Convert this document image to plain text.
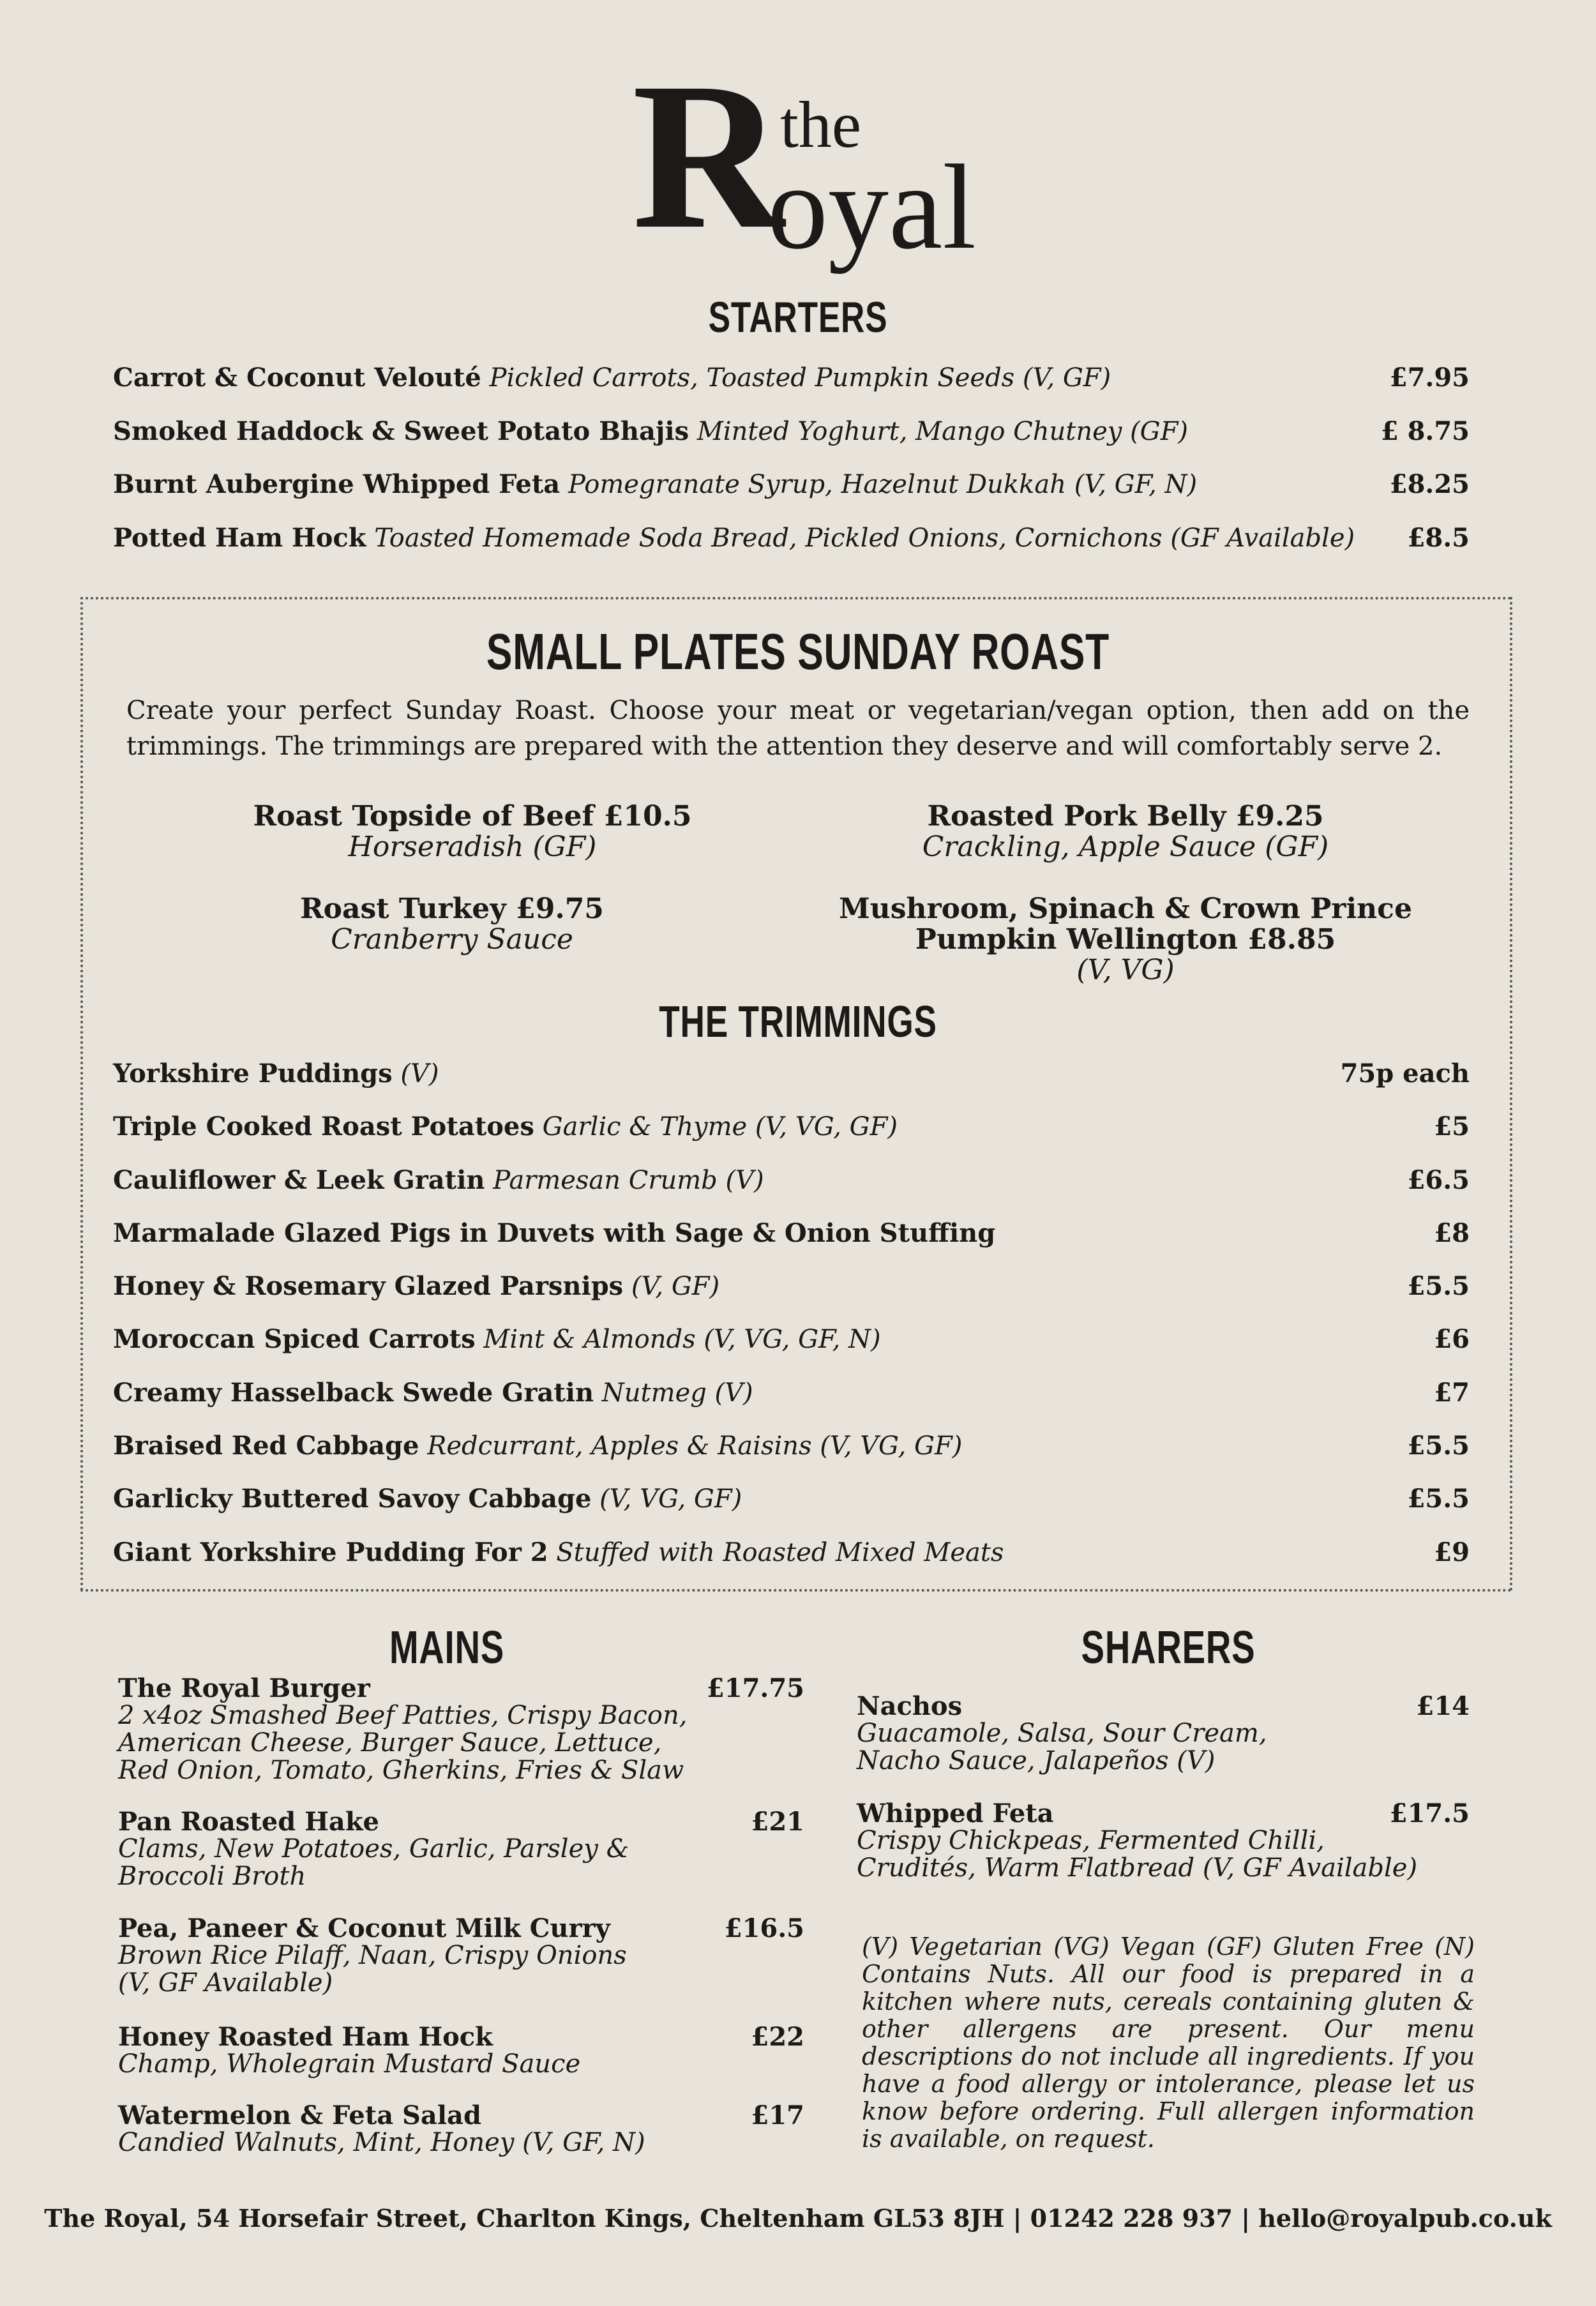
R
the
oyal
STARTERS
Carrot & Coconut Velouté Pickled Carrots, Toasted Pumpkin Seeds (V, GF)	£7.95
Smoked Haddock & Sweet Potato Bhajis Minted Yoghurt, Mango Chutney (GF)	£ 8.75
Burnt Aubergine Whipped Feta Pomegranate Syrup, Hazelnut Dukkah (V, GF, N)	£8.25
Potted Ham Hock Toasted Homemade Soda Bread, Pickled Onions, Cornichons (GF Available) £8.5
SMALL PLATES SUNDAY ROAST
Create your perfect Sunday Roast. Choose your meat or vegetarian/vegan option, then add on the trimmings. The trimmings are prepared with the attention they deserve and will comfortably serve 2.
Roast Topside of Beef £10.5
Horseradish (GF)
Roasted Pork Belly £9.25
Crackling, Apple Sauce (GF)
Roast Turkey £9.75
Cranberry Sauce
Mushroom, Spinach & Crown Prince
Pumpkin Wellington £8.85
(V, VG)
THE TRIMMINGS
Yorkshire Puddings (V)	75p each
Triple Cooked Roast Potatoes Garlic & Thyme (V, VG, GF)	£5
Cauliflower & Leek Gratin Parmesan Crumb (V)	£6.5
Marmalade Glazed Pigs in Duvets with Sage & Onion Stuffing	£8
Honey & Rosemary Glazed Parsnips (V, GF)	£5.5
Moroccan Spiced Carrots Mint & Almonds (V, VG, GF, N)	£6
Creamy Hasselback Swede Gratin Nutmeg (V)	£7
Braised Red Cabbage Redcurrant, Apples & Raisins (V, VG, GF)	£5.5
Garlicky Buttered Savoy Cabbage (V, VG, GF)	£5.5
Giant Yorkshire Pudding For 2 Stuffed with Roasted Mixed Meats	£9
MAINS
The Royal Burger	£17.75
2 x4oz Smashed Beef Patties, Crispy Bacon,
American Cheese, Burger Sauce, Lettuce,
Red Onion, Tomato, Gherkins, Fries & Slaw
Pan Roasted Hake	£21
Clams, New Potatoes, Garlic, Parsley &
Broccoli Broth
Pea, Paneer & Coconut Milk Curry	£16.5
Brown Rice Pilaff, Naan, Crispy Onions
(V, GF Available)
Honey Roasted Ham Hock	£22
Champ, Wholegrain Mustard Sauce
Watermelon & Feta Salad	£17
Candied Walnuts, Mint, Honey (V, GF, N)
SHARERS
Nachos	£14
Guacamole, Salsa, Sour Cream,
Nacho Sauce, Jalapeños (V)
Whipped Feta	£17.5
Crispy Chickpeas, Fermented Chilli,
Crudités, Warm Flatbread (V, GF Available)
(V) Vegetarian (VG) Vegan (GF) Gluten Free (N) Contains Nuts. All our food is prepared in a kitchen where nuts, cereals containing gluten & other allergens are present. Our menu descriptions do not include all ingredients. If you have a food allergy or intolerance, please let us know before ordering. Full allergen information is available, on request.
The Royal, 54 Horsefair Street, Charlton Kings, Cheltenham GL53 8JH | 01242 228 937 | hello@royalpub.co.uk
